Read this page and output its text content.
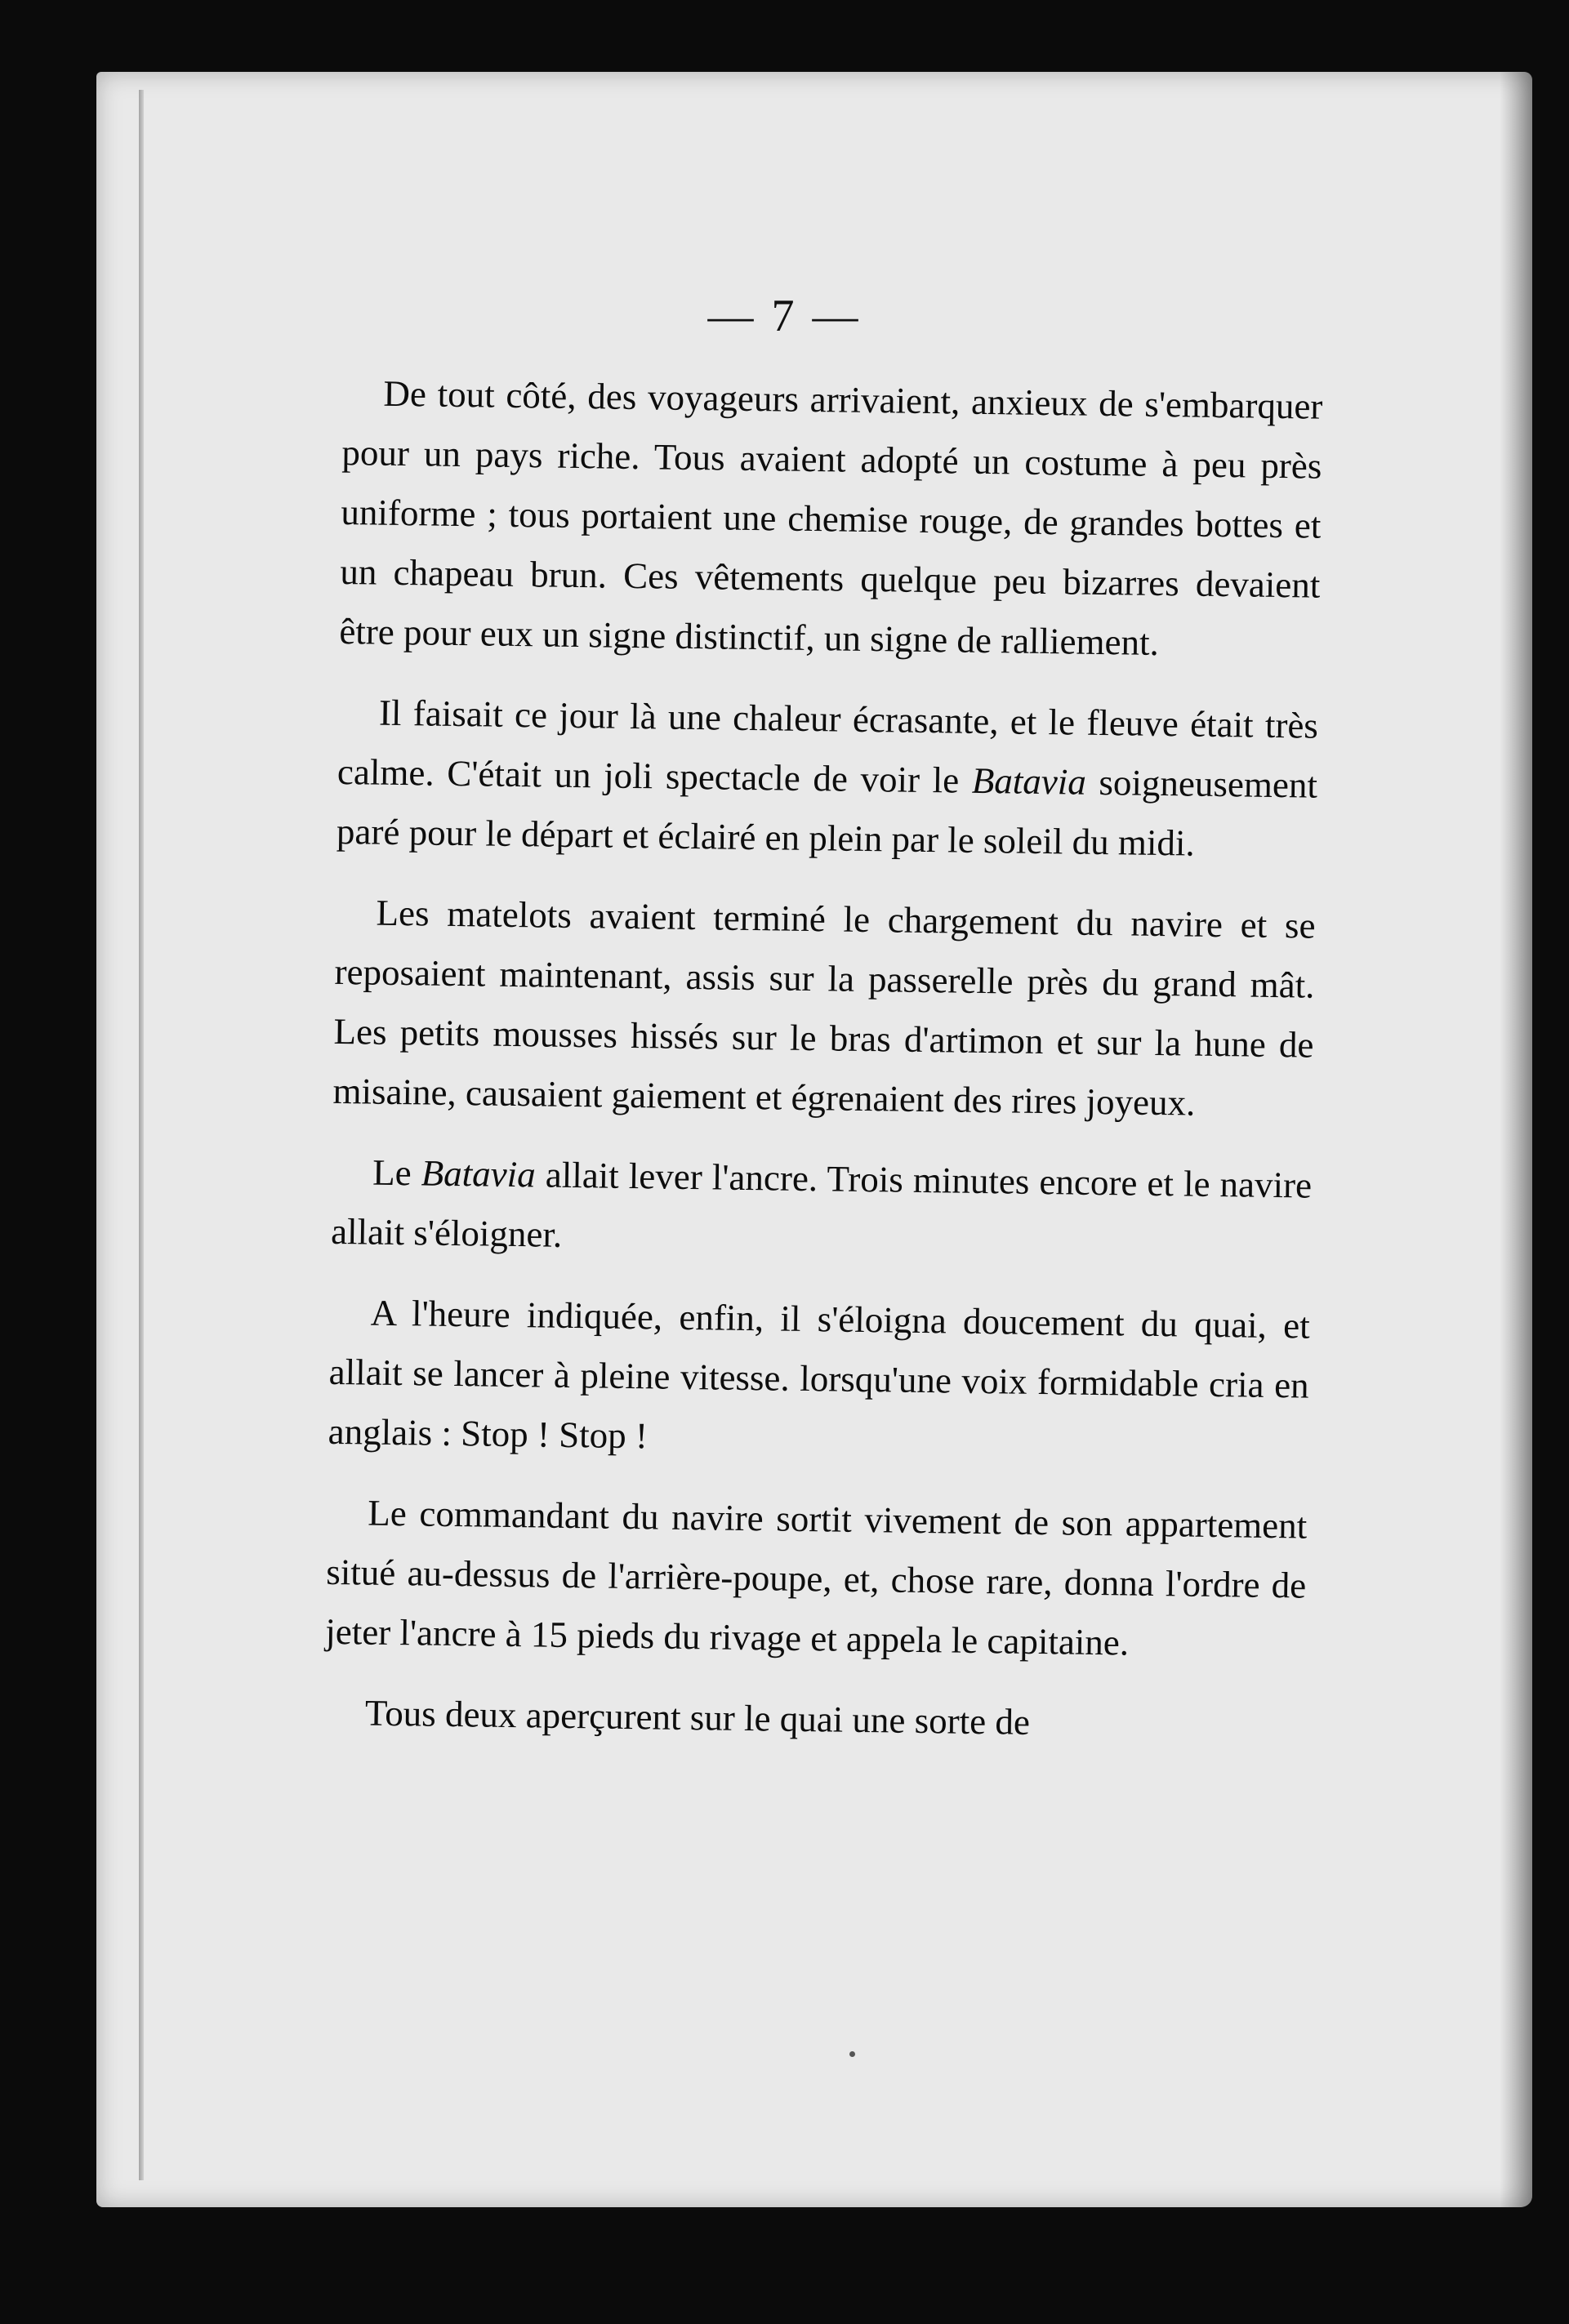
— 7 —

De tout côté, des voyageurs arrivaient, anxieux de s'embarquer pour un pays riche. Tous avaient adopté un costume à peu près uniforme ; tous portaient une chemise rouge, de grandes bottes et un chapeau brun. Ces vêtements quelque peu bizarres devaient être pour eux un signe distinctif, un signe de ralliement.

Il faisait ce jour là une chaleur écrasante, et le fleuve était très calme. C'était un joli spectacle de voir le Batavia soigneusement paré pour le départ et éclairé en plein par le soleil du midi.

Les matelots avaient terminé le chargement du navire et se reposaient maintenant, assis sur la passerelle près du grand mât. Les petits mousses hissés sur le bras d'artimon et sur la hune de misaine, causaient gaiement et égrenaient des rires joyeux.

Le Batavia allait lever l'ancre. Trois minutes encore et le navire allait s'éloigner.

A l'heure indiquée, enfin, il s'éloigna doucement du quai, et allait se lancer à pleine vitesse. lorsqu'une voix formidable cria en anglais : Stop ! Stop !

Le commandant du navire sortit vivement de son appartement situé au-dessus de l'arrière-poupe, et, chose rare, donna l'ordre de jeter l'ancre à 15 pieds du rivage et appela le capitaine.

Tous deux aperçurent sur le quai une sorte de
